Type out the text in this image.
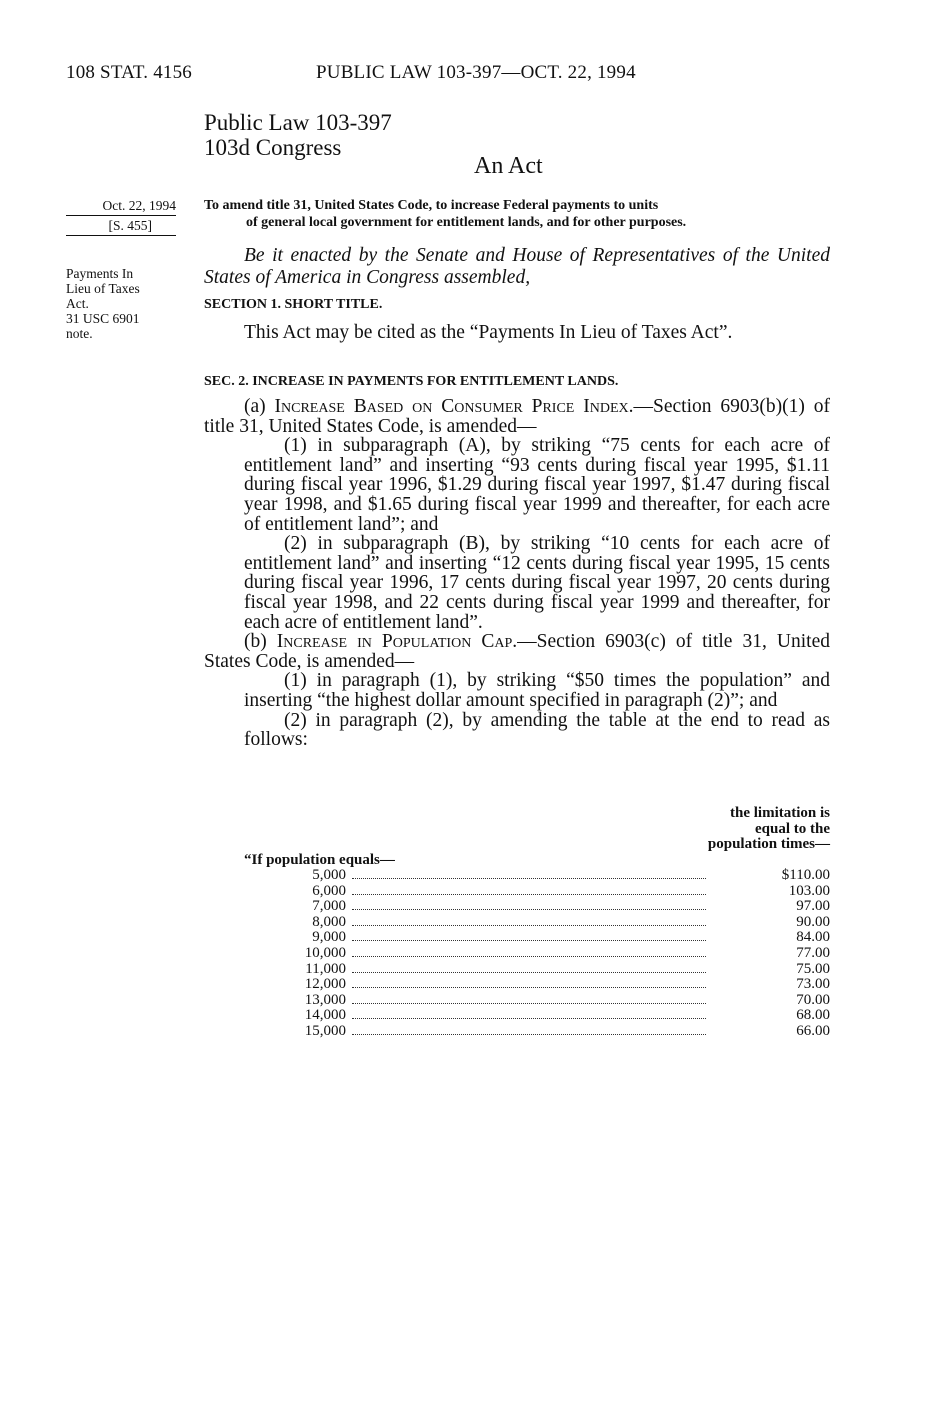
108 STAT. 4156	PUBLIC LAW 103-397—OCT. 22, 1994
Public Law 103-397
103d Congress
An Act
Oct. 22, 1994
[S. 455]
Payments In
Lieu of Taxes
Act.
31 USC 6901
note.
To amend title 31, United States Code, to increase Federal payments to units
of general local government for entitlement lands, and for other purposes.
Be it enacted by the Senate and House of Representatives of the United States of America in Congress assembled,
SECTION 1. SHORT TITLE.

This Act may be cited as the “Payments In Lieu of Taxes Act”.

SEC. 2. INCREASE IN PAYMENTS FOR ENTITLEMENT LANDS.

(a) Increase Based on Consumer Price Index.—Section 6903(b)(1) of title 31, United States Code, is amended—

(1) in subparagraph (A), by striking “75 cents for each acre of entitlement land” and inserting “93 cents during fiscal year 1995, $1.11 during fiscal year 1996, $1.29 during fiscal year 1997, $1.47 during fiscal year 1998, and $1.65 during fiscal year 1999 and thereafter, for each acre of entitlement land”; and

(2) in subparagraph (B), by striking “10 cents for each acre of entitlement land” and inserting “12 cents during fiscal year 1995, 15 cents during fiscal year 1996, 17 cents during fiscal year 1997, 20 cents during fiscal year 1998, and 22 cents during fiscal year 1999 and thereafter, for each acre of entitlement land”.

(b) Increase in Population Cap.—Section 6903(c) of title 31, United States Code, is amended—

(1) in paragraph (1), by striking “$50 times the population” and inserting “the highest dollar amount specified in paragraph (2)”; and

(2) in paragraph (2), by amending the table at the end to read as follows:

the limitation is equal to the population times—
“If population equals—
5,000	$110.00
6,000	103.00
7,000	97.00
8,000	90.00
9,000	84.00
10,000	77.00
11,000	75.00
12,000	73.00
13,000	70.00
14,000	68.00
15,000	66.00
